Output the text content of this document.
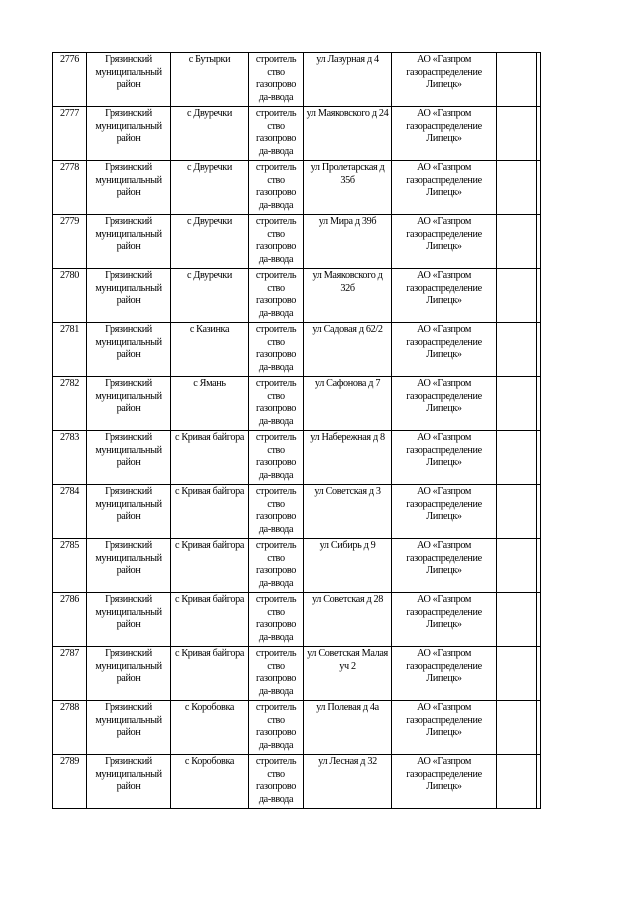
2776	Грязинский муниципальный район	с Бутырки	строитель ство газопрово да-ввода	ул Лазурная д 4	АО «Газпром газораспределение Липецк»		
2777	Грязинский муниципальный район	с Двуречки	строитель ство газопрово да-ввода	ул Маяковского д 24	АО «Газпром газораспределение Липецк»		
2778	Грязинский муниципальный район	с Двуречки	строитель ство газопрово да-ввода	ул Пролетарская д 35б	АО «Газпром газораспределение Липецк»		
2779	Грязинский муниципальный район	с Двуречки	строитель ство газопрово да-ввода	ул Мира д 39б	АО «Газпром газораспределение Липецк»		
2780	Грязинский муниципальный район	с Двуречки	строитель ство газопрово да-ввода	ул Маяковского д 32б	АО «Газпром газораспределение Липецк»		
2781	Грязинский муниципальный район	с Казинка	строитель ство газопрово да-ввода	ул Садовая д 62/2	АО «Газпром газораспределение Липецк»		
2782	Грязинский муниципальный район	с Ямань	строитель ство газопрово да-ввода	ул Сафонова д 7	АО «Газпром газораспределение Липецк»		
2783	Грязинский муниципальный район	с Кривая байгора	строитель ство газопрово да-ввода	ул Набережная д 8	АО «Газпром газораспределение Липецк»		
2784	Грязинский муниципальный район	с Кривая байгора	строитель ство газопрово да-ввода	ул Советская д 3	АО «Газпром газораспределение Липецк»		
2785	Грязинский муниципальный район	с Кривая байгора	строитель ство газопрово да-ввода	ул Сибирь д 9	АО «Газпром газораспределение Липецк»		
2786	Грязинский муниципальный район	с Кривая байгора	строитель ство газопрово да-ввода	ул Советская д 28	АО «Газпром газораспределение Липецк»		
2787	Грязинский муниципальный район	с Кривая байгора	строитель ство газопрово да-ввода	ул Советская Малая уч 2	АО «Газпром газораспределение Липецк»		
2788	Грязинский муниципальный район	с Коробовка	строитель ство газопрово да-ввода	ул Полевая д 4а	АО «Газпром газораспределение Липецк»		
2789	Грязинский муниципальный район	с Коробовка	строитель ство газопрово да-ввода	ул Лесная д 32	АО «Газпром газораспределение Липецк»		
